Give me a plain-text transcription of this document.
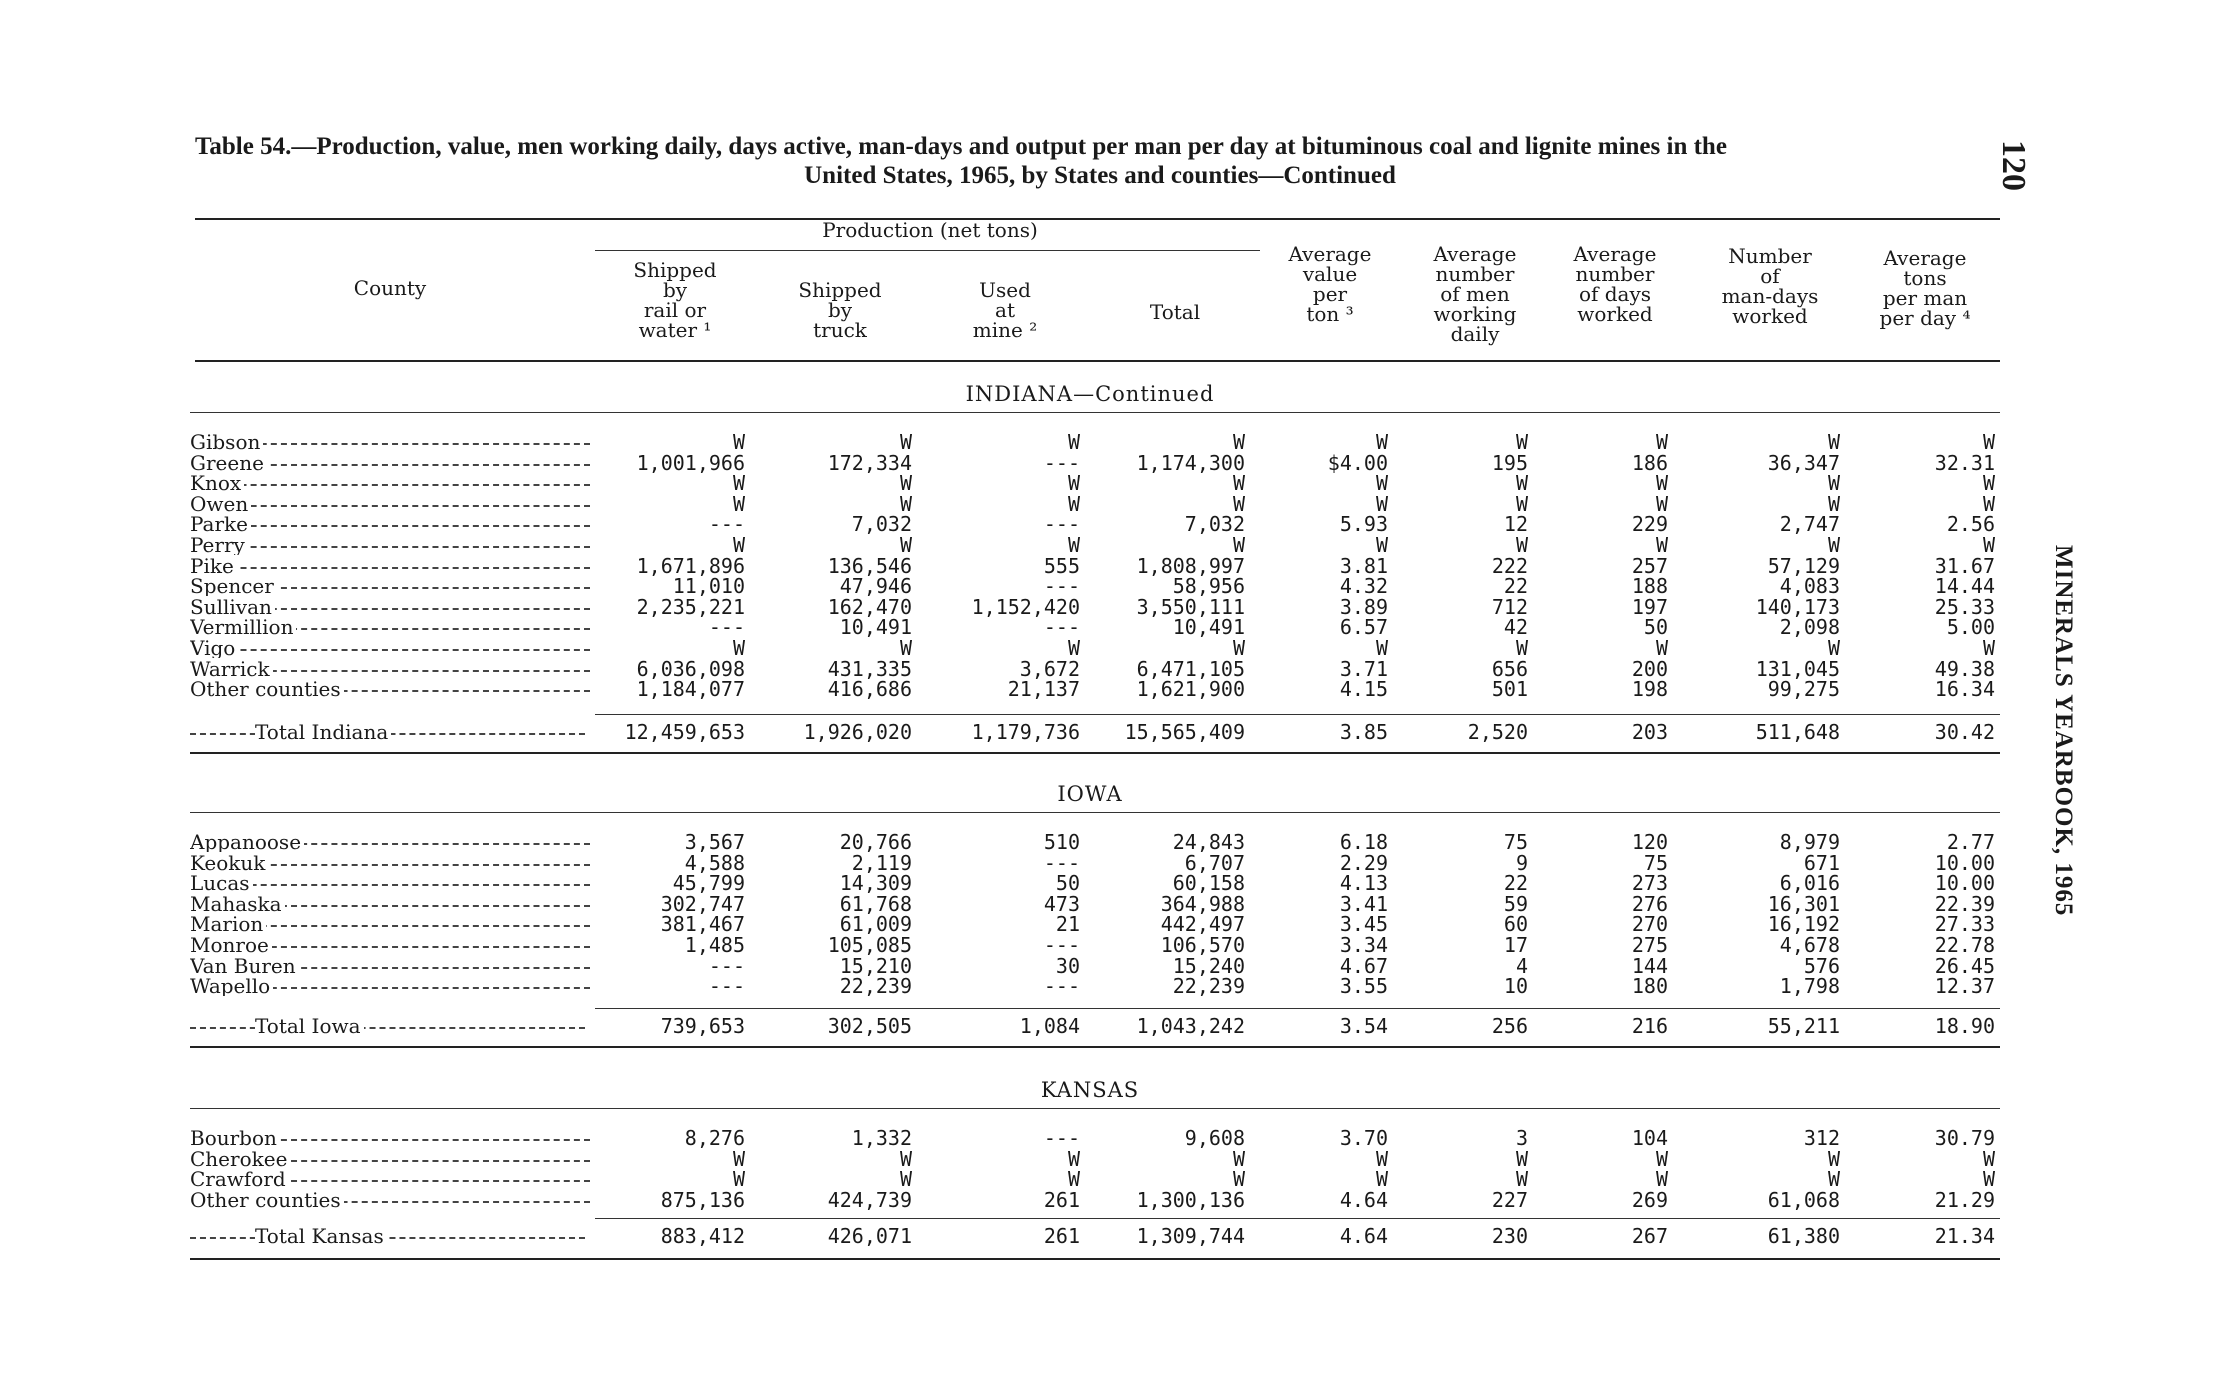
120
MINERALS YEARBOOK, 1965
Table 54.—Production, value, men working daily, days active, man-days and output per man per day at bituminous coal and lignite mines in the
United States, 1965, by States and counties—Continued
County
Production (net tons)
Shipped
by
rail or
water ¹
Shipped
by
truck
Used
at
mine ²
Total
Average
value
per
ton ³
Average
number
of men
working
daily
Average
number
of days
worked
Number
of
man-days
worked
Average
tons
per man
per day ⁴
INDIANA—Continued
Gibson	W	W	W	W	W	W	W	W	W
Greene	1,001,966	172,334	---	1,174,300	$4.00	195	186	36,347	32.31
Knox	W	W	W	W	W	W	W	W	W
Owen	W	W	W	W	W	W	W	W	W
Parke	---	7,032	---	7,032	5.93	12	229	2,747	2.56
Perry	W	W	W	W	W	W	W	W	W
Pike	1,671,896	136,546	555	1,808,997	3.81	222	257	57,129	31.67
Spencer	11,010	47,946	---	58,956	4.32	22	188	4,083	14.44
Sullivan	2,235,221	162,470	1,152,420	3,550,111	3.89	712	197	140,173	25.33
Vermillion	---	10,491	---	10,491	6.57	42	50	2,098	5.00
Vigo	W	W	W	W	W	W	W	W	W
Warrick	6,036,098	431,335	3,672	6,471,105	3.71	656	200	131,045	49.38
Other counties	1,184,077	416,686	21,137	1,621,900	4.15	501	198	99,275	16.34
Total Indiana	12,459,653	1,926,020	1,179,736 15,565,409	3.85	2,520	203	511,648	30.42
IOWA
Appanoose	3,567	20,766	510	24,843	6.18	75	120	8,979	2.77
Keokuk	4,588	2,119	---	6,707	2.29	9	75	671	10.00
Lucas	45,799	14,309	50	60,158	4.13	22	273	6,016	10.00
Mahaska	302,747	61,768	473	364,988	3.41	59	276	16,301	22.39
Marion	381,467	61,009	21	442,497	3.45	60	270	16,192	27.33
Monroe	1,485	105,085	---	106,570	3.34	17	275	4,678	22.78
Van Buren	---	15,210	30	15,240	4.67	4	144	576	26.45
Wapello	---	22,239	---	22,239	3.55	10	180	1,798	12.37
Total Iowa	739,653	302,505	1,084	1,043,242	3.54	256	216	55,211	18.90
KANSAS
Bourbon	8,276	1,332	---	9,608	3.70	3	104	312	30.79
Cherokee	W	W	W	W	W	W	W	W	W
Crawford	W	W	W	W	W	W	W	W	W
Other counties	875,136	424,739	261	1,300,136	4.64	227	269	61,068	21.29
Total Kansas	883,412	426,071	261	1,309,744	4.64	230	267	61,380	21.34
